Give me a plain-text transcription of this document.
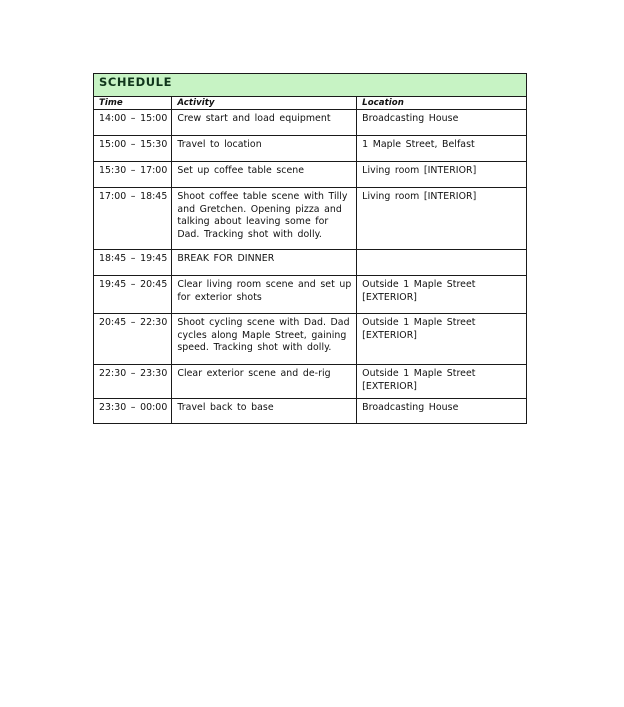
SCHEDULE		
Time	Activity	Location
14:00 – 15:00	Crew start and load equipment	Broadcasting House
15:00 – 15:30	Travel to location	1 Maple Street, Belfast
15:30 – 17:00	Set up coffee table scene	Living room [INTERIOR]
17:00 – 18:45	Shoot coffee table scene with Tilly and Gretchen. Opening pizza and talking about leaving some for Dad. Tracking shot with dolly.	Living room [INTERIOR]
18:45 – 19:45	BREAK FOR DINNER	
19:45 – 20:45	Clear living room scene and set up for exterior shots	Outside 1 Maple Street [EXTERIOR]
20:45 – 22:30	Shoot cycling scene with Dad. Dad cycles along Maple Street, gaining speed. Tracking shot with dolly.	Outside 1 Maple Street [EXTERIOR]
22:30 – 23:30	Clear exterior scene and de-rig	Outside 1 Maple Street [EXTERIOR]
23:30 – 00:00	Travel back to base	Broadcasting House
